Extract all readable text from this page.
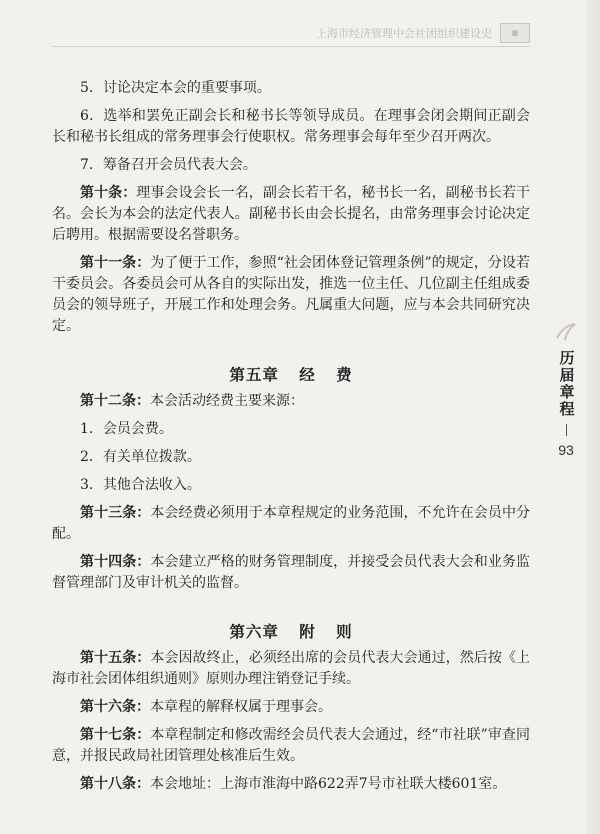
上海市经济管理中会社团组织建设史	▦

5．讨论决定本会的重要事项。

6．选举和罢免正副会长和秘书长等领导成员。在理事会闭会期间正副会长和秘书长组成的常务理事会行使职权。常务理事会每年至少召开两次。

7．筹备召开会员代表大会。

第十条：理事会设会长一名，副会长若干名，秘书长一名，副秘书长若干名。会长为本会的法定代表人。副秘书长由会长提名，由常务理事会讨论决定后聘用。根据需要设名誉职务。

第十一条：为了便于工作，参照“社会团体登记管理条例”的规定，分设若干委员会。各委员会可从各自的实际出发，推选一位主任、几位副主任组成委员会的领导班子，开展工作和处理会务。凡属重大问题，应与本会共同研究决定。

第五章 经 费

第十二条：本会活动经费主要来源：

1．会员会费。

2．有关单位拨款。

3．其他合法收入。

第十三条：本会经费必须用于本章程规定的业务范围，不允许在会员中分配。

第十四条：本会建立严格的财务管理制度，并接受会员代表大会和业务监督管理部门及审计机关的监督。

第六章 附 则

第十五条：本会因故终止，必须经出席的会员代表大会通过，然后按《上海市社会团体组织通则》原则办理注销登记手续。

第十六条：本章程的解释权属于理事会。

第十七条：本章程制定和修改需经会员代表大会通过，经“市社联”审查同意，并报民政局社团管理处核准后生效。

第十八条：本会地址：上海市淮海中路622弄7号市社联大楼601室。

历届章程
93
